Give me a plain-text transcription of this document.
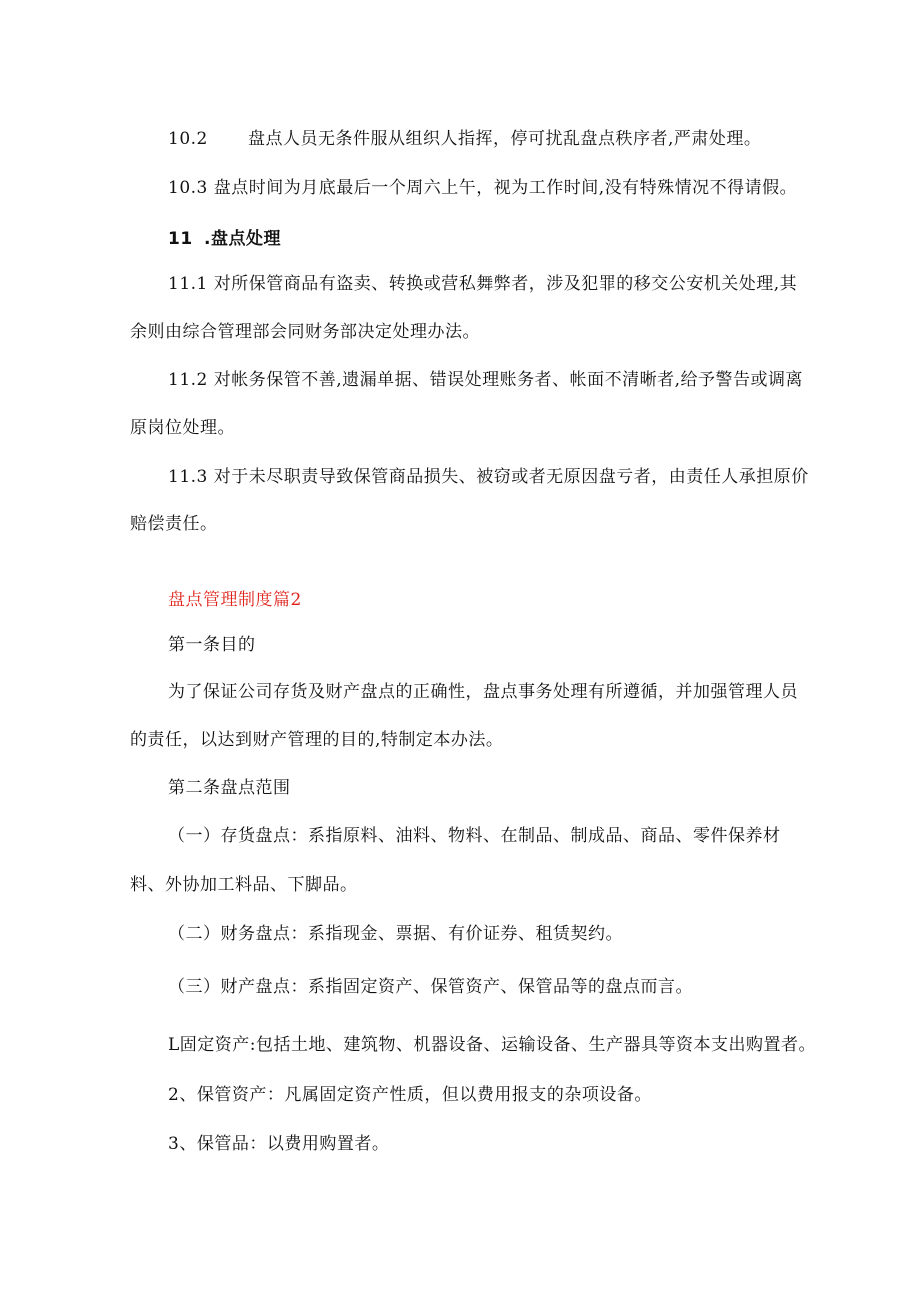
10.2 盘点人员无条件服从组织人指挥，停可扰乱盘点秩序者,严肃处理。
10.3 盘点时间为月底最后一个周六上午，视为工作时间,没有特殊情况不得请假。
11 .盘点处理
11.1 对所保管商品有盗卖、转换或营私舞弊者，涉及犯罪的移交公安机关处理,其
余则由综合管理部会同财务部决定处理办法。
11.2 对帐务保管不善,遗漏单据、错误处理账务者、帐面不清晰者,给予警告或调离
原岗位处理。
11.3 对于未尽职责导致保管商品损失、被窃或者无原因盘亏者，由责任人承担原价
赔偿责任。
盘点管理制度篇2
第一条目的
为了保证公司存货及财产盘点的正确性，盘点事务处理有所遵循，并加强管理人员
的责任，以达到财产管理的目的,特制定本办法。
第二条盘点范围
（一）存货盘点：系指原料、油料、物料、在制品、制成品、商品、零件保养材
料、外协加工料品、下脚品。
（二）财务盘点：系指现金、票据、有价证券、租赁契约。
（三）财产盘点：系指固定资产、保管资产、保管品等的盘点而言。
L固定资产:包括土地、建筑物、机器设备、运输设备、生产器具等资本支出购置者。
2、保管资产：凡属固定资产性质，但以费用报支的杂项设备。
3、保管品：以费用购置者。
